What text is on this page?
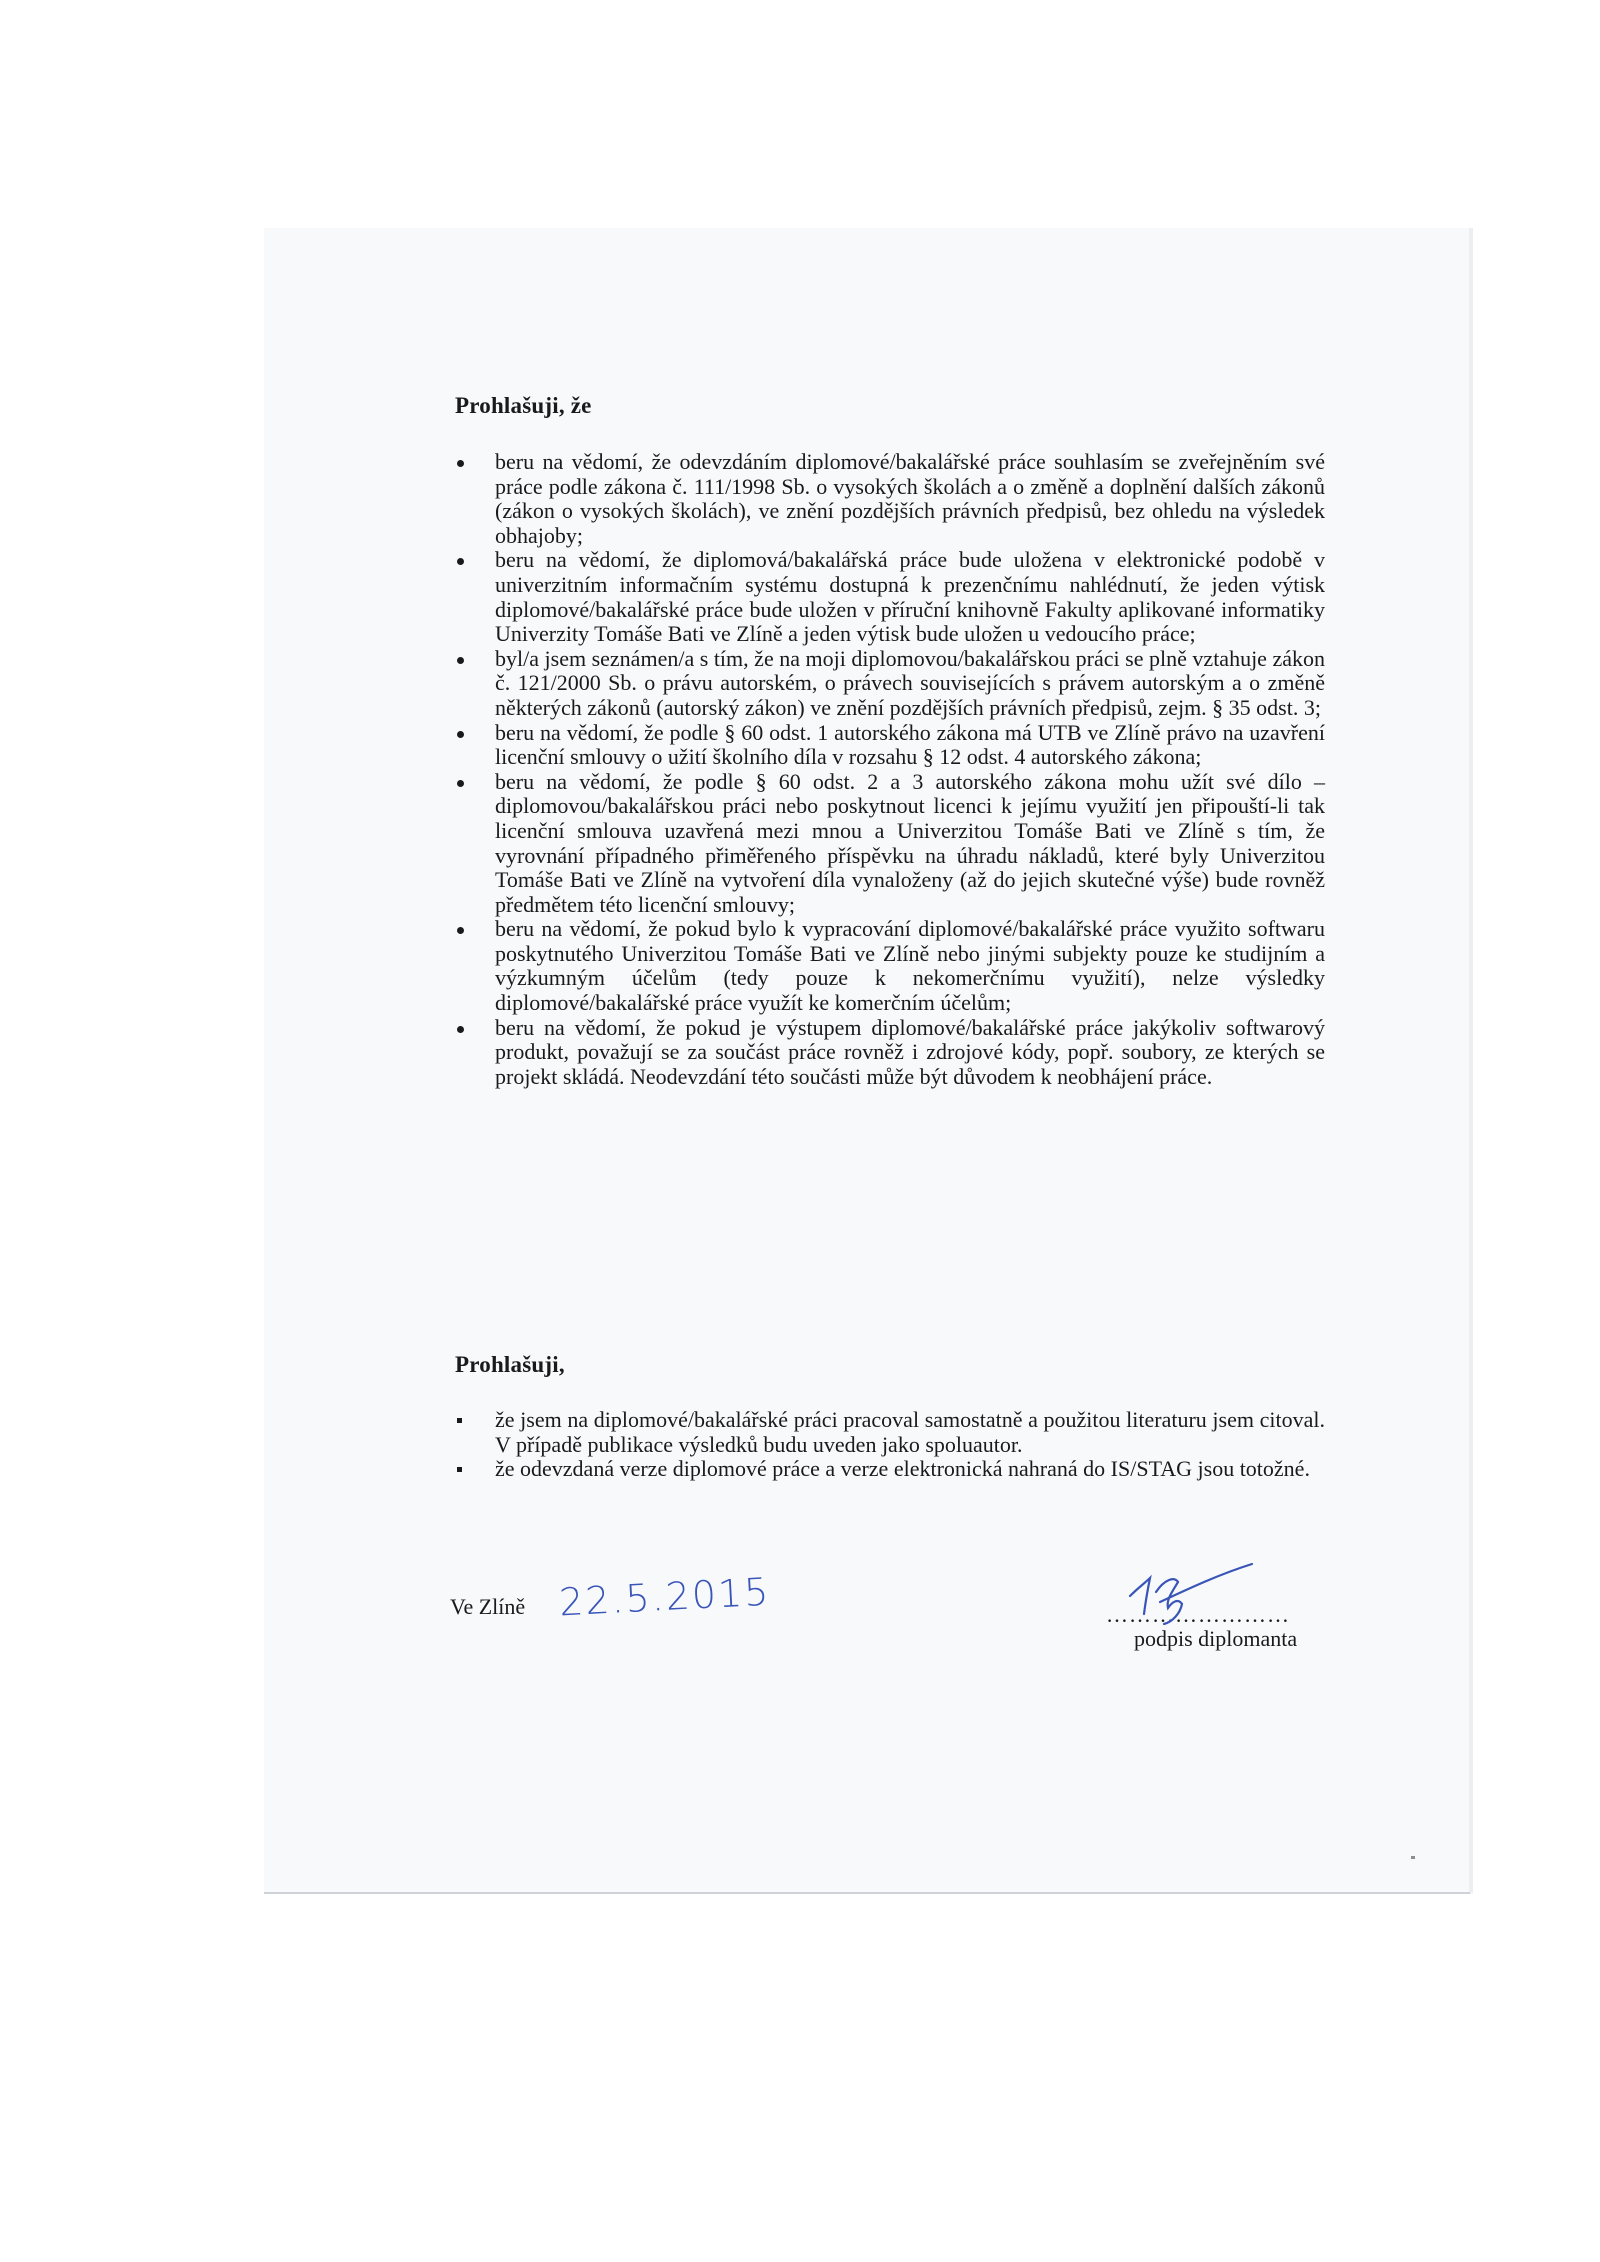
Prohlašuji, že
beru na vědomí, že odevzdáním diplomové/bakalářské práce souhlasím se zveřejněním své práce podle zákona č. 111/1998 Sb. o vysokých školách a o změně a doplnění dalších zákonů (zákon o vysokých školách), ve znění pozdějších právních předpisů, bez ohledu na výsledek obhajoby;
beru na vědomí, že diplomová/bakalářská práce bude uložena v elektronické podobě v univerzitním informačním systému dostupná k prezenčnímu nahlédnutí, že jeden výtisk diplomové/bakalářské práce bude uložen v příruční knihovně Fakulty aplikované informatiky Univerzity Tomáše Bati ve Zlíně a jeden výtisk bude uložen u vedoucího práce;
byl/a jsem seznámen/a s tím, že na moji diplomovou/bakalářskou práci se plně vztahuje zákon č. 121/2000 Sb. o právu autorském, o právech souvisejících s právem autorským a o změně některých zákonů (autorský zákon) ve znění pozdějších právních předpisů, zejm. § 35 odst. 3;
beru na vědomí, že podle § 60 odst. 1 autorského zákona má UTB ve Zlíně právo na uzavření licenční smlouvy o užití školního díla v rozsahu § 12 odst. 4 autorského zákona;
beru na vědomí, že podle § 60 odst. 2 a 3 autorského zákona mohu užít své dílo – diplomovou/bakalářskou práci nebo poskytnout licenci k jejímu využití jen připouští-li tak licenční smlouva uzavřená mezi mnou a Univerzitou Tomáše Bati ve Zlíně s tím, že vyrovnání případného přiměřeného příspěvku na úhradu nákladů, které byly Univerzitou Tomáše Bati ve Zlíně na vytvoření díla vynaloženy (až do jejich skutečné výše) bude rovněž předmětem této licenční smlouvy;
beru na vědomí, že pokud bylo k vypracování diplomové/bakalářské práce využito softwaru poskytnutého Univerzitou Tomáše Bati ve Zlíně nebo jinými subjekty pouze ke studijním a výzkumným účelům (tedy pouze k nekomerčnímu využití), nelze výsledky diplomové/bakalářské práce využít ke komerčním účelům;
beru na vědomí, že pokud je výstupem diplomové/bakalářské práce jakýkoliv softwarový produkt, považují se za součást práce rovněž i zdrojové kódy, popř. soubory, ze kterých se projekt skládá. Neodevzdání této součásti může být důvodem k neobhájení práce.
Prohlašuji,
že jsem na diplomové/bakalářské práci pracoval samostatně a použitou literaturu jsem citoval. V případě publikace výsledků budu uveden jako spoluautor.
že odevzdaná verze diplomové práce a verze elektronická nahraná do IS/STAG jsou totožné.
Ve Zlíně 22.5.2015	……………………
podpis diplomanta
